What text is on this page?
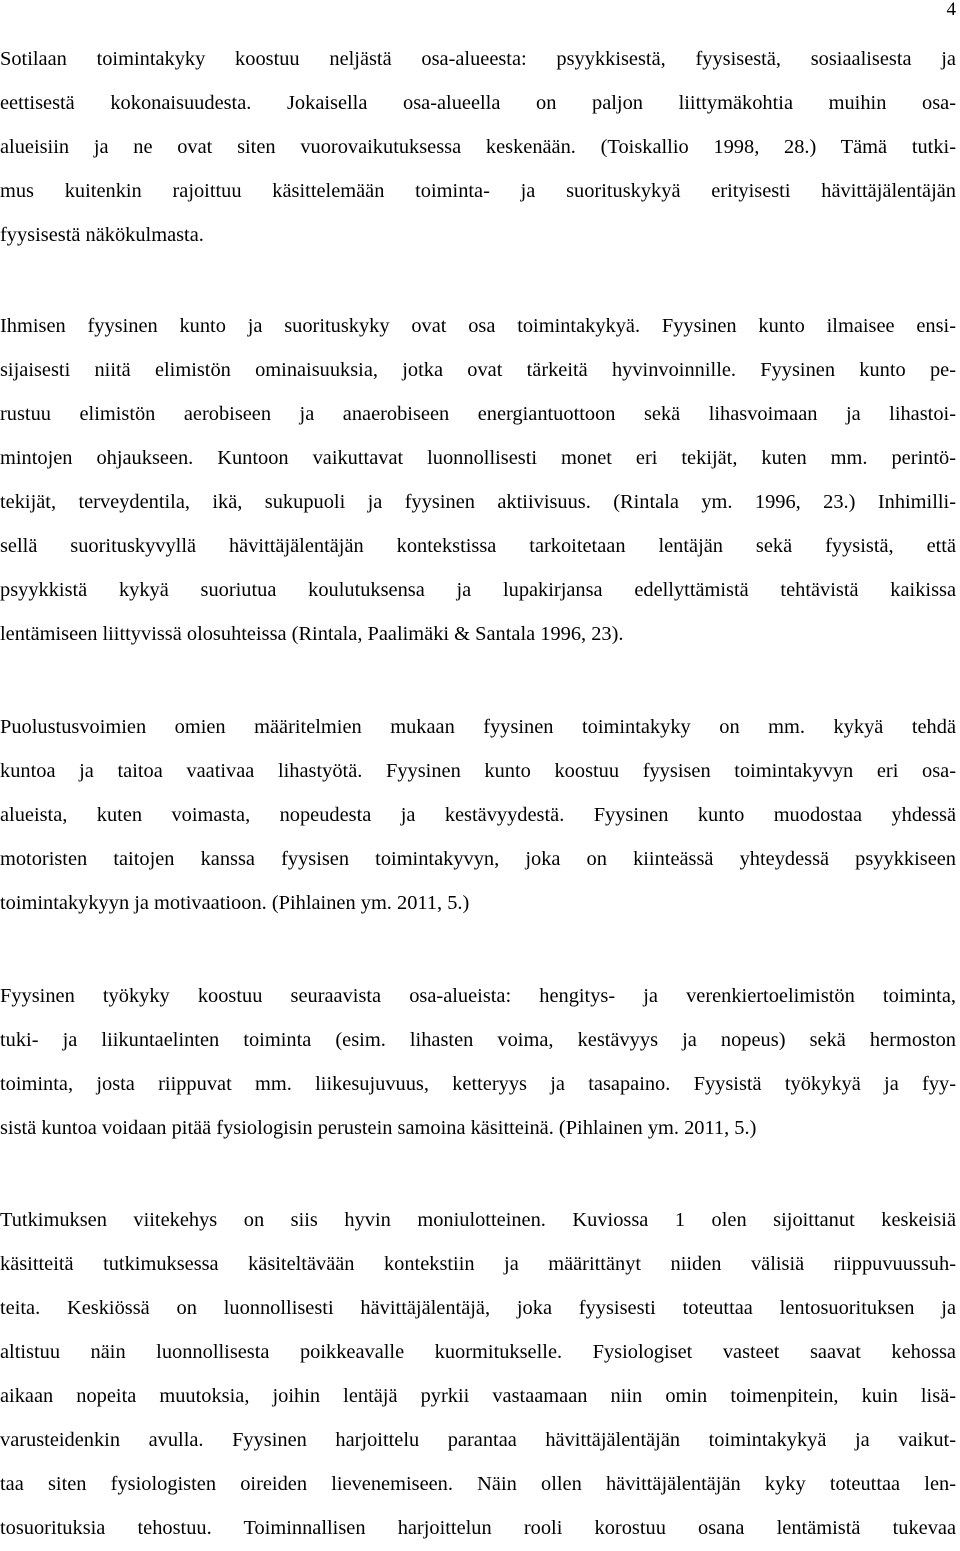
4
Sotilaan toimintakyky koostuu neljästä osa-alueesta: psyykkisestä, fyysisestä, sosiaalisesta ja
eettisestä kokonaisuudesta. Jokaisella osa-alueella on paljon liittymäkohtia muihin osa-
alueisiin ja ne ovat siten vuorovaikutuksessa keskenään. (Toiskallio 1998, 28.) Tämä tutki-
mus kuitenkin rajoittuu käsittelemään toiminta- ja suorituskykyä erityisesti hävittäjälentäjän
fyysisestä näkökulmasta.
Ihmisen fyysinen kunto ja suorituskyky ovat osa toimintakykyä. Fyysinen kunto ilmaisee ensi-
sijaisesti niitä elimistön ominaisuuksia, jotka ovat tärkeitä hyvinvoinnille. Fyysinen kunto pe-
rustuu elimistön aerobiseen ja anaerobiseen energiantuottoon sekä lihasvoimaan ja lihastoi-
mintojen ohjaukseen. Kuntoon vaikuttavat luonnollisesti monet eri tekijät, kuten mm. perintö-
tekijät, terveydentila, ikä, sukupuoli ja fyysinen aktiivisuus. (Rintala ym. 1996, 23.) Inhimilli-
sellä suorituskyvyllä hävittäjälentäjän kontekstissa tarkoitetaan lentäjän sekä fyysistä, että
psyykkistä kykyä suoriutua koulutuksensa ja lupakirjansa edellyttämistä tehtävistä kaikissa
lentämiseen liittyvissä olosuhteissa (Rintala, Paalimäki & Santala 1996, 23).
Puolustusvoimien omien määritelmien mukaan fyysinen toimintakyky on mm. kykyä tehdä
kuntoa ja taitoa vaativaa lihastyötä. Fyysinen kunto koostuu fyysisen toimintakyvyn eri osa-
alueista, kuten voimasta, nopeudesta ja kestävyydestä. Fyysinen kunto muodostaa yhdessä
motoristen taitojen kanssa fyysisen toimintakyvyn, joka on kiinteässä yhteydessä psyykkiseen
toimintakykyyn ja motivaatioon. (Pihlainen ym. 2011, 5.)
Fyysinen työkyky koostuu seuraavista osa-alueista: hengitys- ja verenkiertoelimistön toiminta,
tuki- ja liikuntaelinten toiminta (esim. lihasten voima, kestävyys ja nopeus) sekä hermoston
toiminta, josta riippuvat mm. liikesujuvuus, ketteryys ja tasapaino. Fyysistä työkykyä ja fyy-
sistä kuntoa voidaan pitää fysiologisin perustein samoina käsitteinä. (Pihlainen ym. 2011, 5.)
Tutkimuksen viitekehys on siis hyvin moniulotteinen. Kuviossa 1 olen sijoittanut keskeisiä
käsitteitä tutkimuksessa käsiteltävään kontekstiin ja määrittänyt niiden välisiä riippuvuussuh-
teita. Keskiössä on luonnollisesti hävittäjälentäjä, joka fyysisesti toteuttaa lentosuorituksen ja
altistuu näin luonnollisesta poikkeavalle kuormitukselle. Fysiologiset vasteet saavat kehossa
aikaan nopeita muutoksia, joihin lentäjä pyrkii vastaamaan niin omin toimenpitein, kuin lisä-
varusteidenkin avulla. Fyysinen harjoittelu parantaa hävittäjälentäjän toimintakykyä ja vaikut-
taa siten fysiologisten oireiden lievenemiseen. Näin ollen hävittäjälentäjän kyky toteuttaa len-
tosuorituksia tehostuu. Toiminnallisen harjoittelun rooli korostuu osana lentämistä tukevaa
